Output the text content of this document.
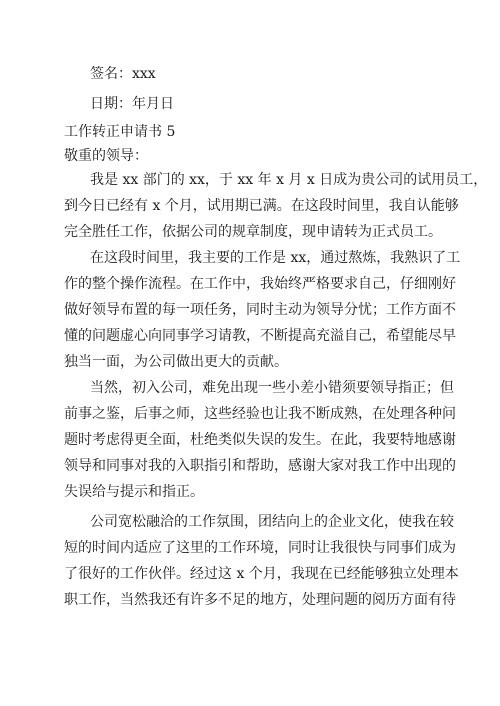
签名：xxx
日期：年月日
工作转正申请书 5
敬重的领导：
我是 xx 部门的 xx，于 xx 年 x 月 x 日成为贵公司的试用员工，
到今日已经有 x 个月，试用期已满。在这段时间里，我自认能够
完全胜任工作，依据公司的规章制度，现申请转为正式员工。
在这段时间里，我主要的工作是 xx，通过熬炼，我熟识了工
作的整个操作流程。在工作中，我始终严格要求自己，仔细刚好
做好领导布置的每一项任务，同时主动为领导分忧；工作方面不
懂的问题虚心向同事学习请教，不断提高充溢自己，希望能尽早
独当一面，为公司做出更大的贡献。
当然，初入公司，难免出现一些小差小错须要领导指正；但
前事之鉴，后事之师，这些经验也让我不断成熟，在处理各种问
题时考虑得更全面，杜绝类似失误的发生。在此，我要特地感谢
领导和同事对我的入职指引和帮助，感谢大家对我工作中出现的
失误给与提示和指正。
公司宽松融洽的工作氛围，团结向上的企业文化，使我在较
短的时间内适应了这里的工作环境，同时让我很快与同事们成为
了很好的工作伙伴。经过这 x 个月，我现在已经能够独立处理本
职工作，当然我还有许多不足的地方，处理问题的阅历方面有待
